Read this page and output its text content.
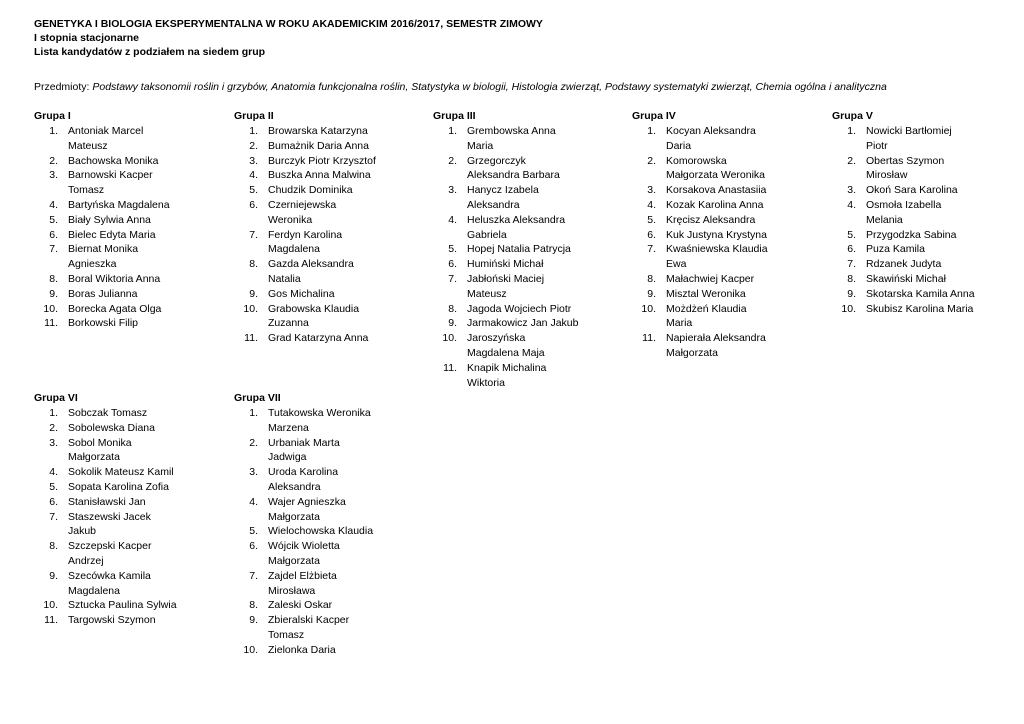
GENETYKA I BIOLOGIA EKSPERYMENTALNA W ROKU AKADEMICKIM 2016/2017, SEMESTR ZIMOWY
I stopnia stacjonarne
Lista kandydatów z podziałem na siedem grup
Przedmioty: Podstawy taksonomii roślin i grzybów, Anatomia funkcjonalna roślin, Statystyka w biologii, Histologia zwierząt, Podstawy systematyki zwierząt, Chemia ogólna i analityczna
Grupa I
1. Antoniak Marcel
Mateusz
2. Bachowska Monika
3. Barnowski Kacper
Tomasz
4. Bartyńska Magdalena
5. Biały Sylwia Anna
6. Bielec Edyta Maria
7. Biernat Monika
Agnieszka
8. Boral Wiktoria Anna
9. Boras Julianna
10. Borecka Agata Olga
11. Borkowski Filip
Grupa II
1. Browarska Katarzyna
2. Bumażnik Daria Anna
3. Burczyk Piotr Krzysztof
4. Buszka Anna Malwina
5. Chudzik Dominika
6. Czerniejewska
Weronika
7. Ferdyn Karolina
Magdalena
8. Gazda Aleksandra
Natalia
9. Gos Michalina
10. Grabowska Klaudia
Zuzanna
11. Grad Katarzyna Anna
Grupa III
1. Grembowska Anna
Maria
2. Grzegorczyk
Aleksandra Barbara
3. Hanycz Izabela
Aleksandra
4. Heluszka Aleksandra
Gabriela
5. Hopej Natalia Patrycja
6. Humiński Michał
7. Jabłoński Maciej
Mateusz
8. Jagoda Wojciech Piotr
9. Jarmakowicz Jan Jakub
10. Jaroszyńska
Magdalena Maja
11. Knapik Michalina
Wiktoria
Grupa IV
1. Kocyan Aleksandra
Daria
2. Komorowska
Małgorzata Weronika
3. Korsakova Anastasiia
4. Kozak Karolina Anna
5. Kręcisz Aleksandra
6. Kuk Justyna Krystyna
7. Kwaśniewska Klaudia
Ewa
8. Małachwiej Kacper
9. Misztal Weronika
10. Możdżeń Klaudia
Maria
11. Napierała Aleksandra
Małgorzata
Grupa V
1. Nowicki Bartłomiej
Piotr
2. Obertas Szymon
Mirosław
3. Okoń Sara Karolina
4. Osmoła Izabella
Melania
5. Przygodzka Sabina
6. Puza Kamila
7. Rdzanek Judyta
8. Skawiński Michał
9. Skotarska Kamila Anna
10. Skubisz Karolina Maria
Grupa VI
1. Sobczak Tomasz
2. Sobolewska Diana
3. Sobol Monika
Małgorzata
4. Sokolik Mateusz Kamil
5. Sopata Karolina Zofia
6. Stanisławski Jan
7. Staszewski Jacek
Jakub
8. Szczepski Kacper
Andrzej
9. Szecówka Kamila
Magdalena
10. Sztucka Paulina Sylwia
11. Targowski Szymon
Grupa VII
1. Tutakowska Weronika
Marzena
2. Urbaniak Marta
Jadwiga
3. Uroda Karolina
Aleksandra
4. Wajer Agnieszka
Małgorzata
5. Wielochowska Klaudia
6. Wójcik Wioletta
Małgorzata
7. Zajdel Elżbieta
Mirosława
8. Zaleski Oskar
9. Zbieralski Kacper
Tomasz
10. Zielonka Daria
